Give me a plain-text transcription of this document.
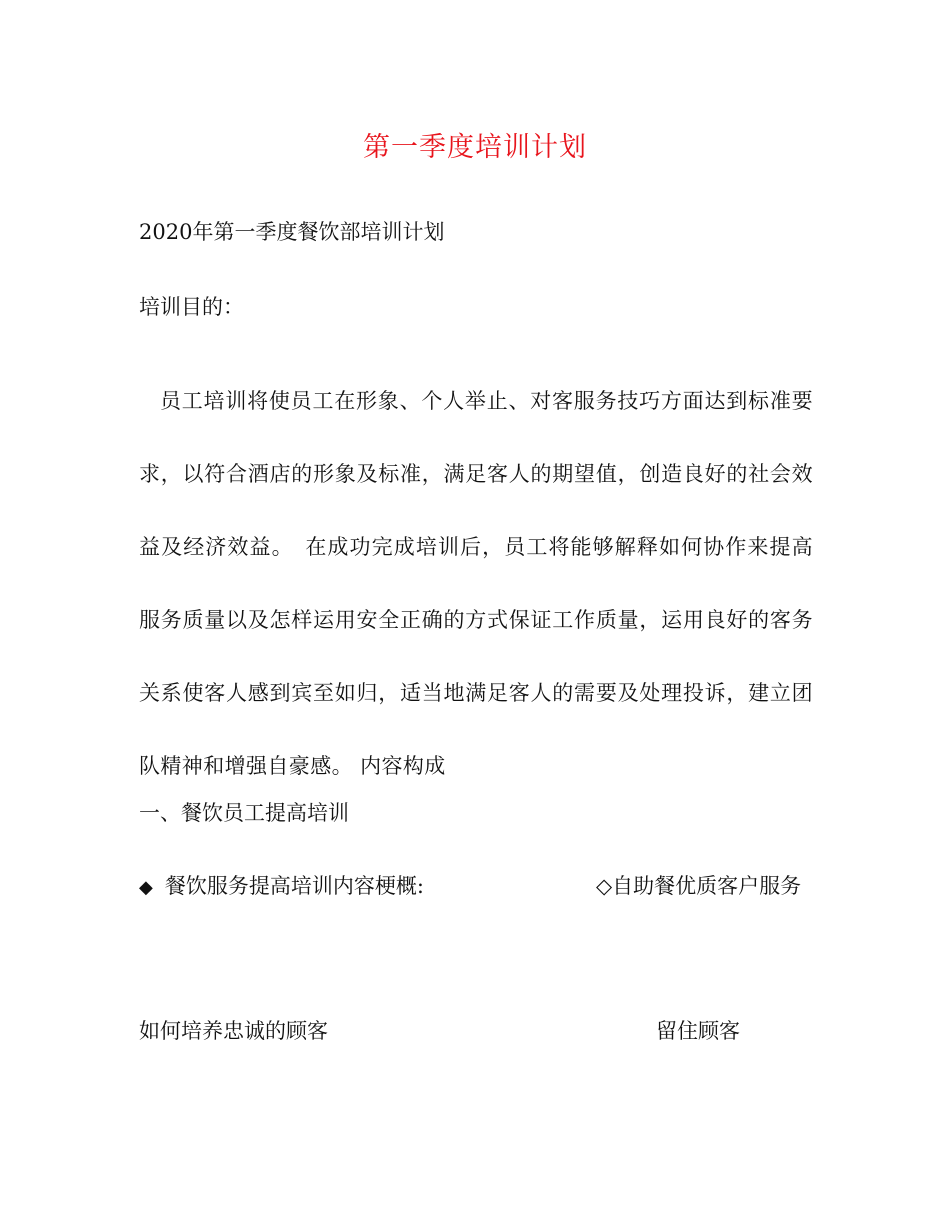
第一季度培训计划
2020年第一季度餐饮部培训计划
培训目的：
员工培训将使员工在形象、个人举止、对客服务技巧方面达到标准要求，以符合酒店的形象及标准，满足客人的期望值，创造良好的社会效益及经济效益。　在成功完成培训后，员工将能够解释如何协作来提高服务质量以及怎样运用安全正确的方式保证工作质量，运用良好的客务关系使客人感到宾至如归，适当地满足客人的需要及处理投诉，建立团队精神和增强自豪感。 内容构成
一、餐饮员工提高培训
◆ 餐饮服务提高培训内容梗概:	◇自助餐优质客户服务
如何培养忠诚的顾客	留住顾客
